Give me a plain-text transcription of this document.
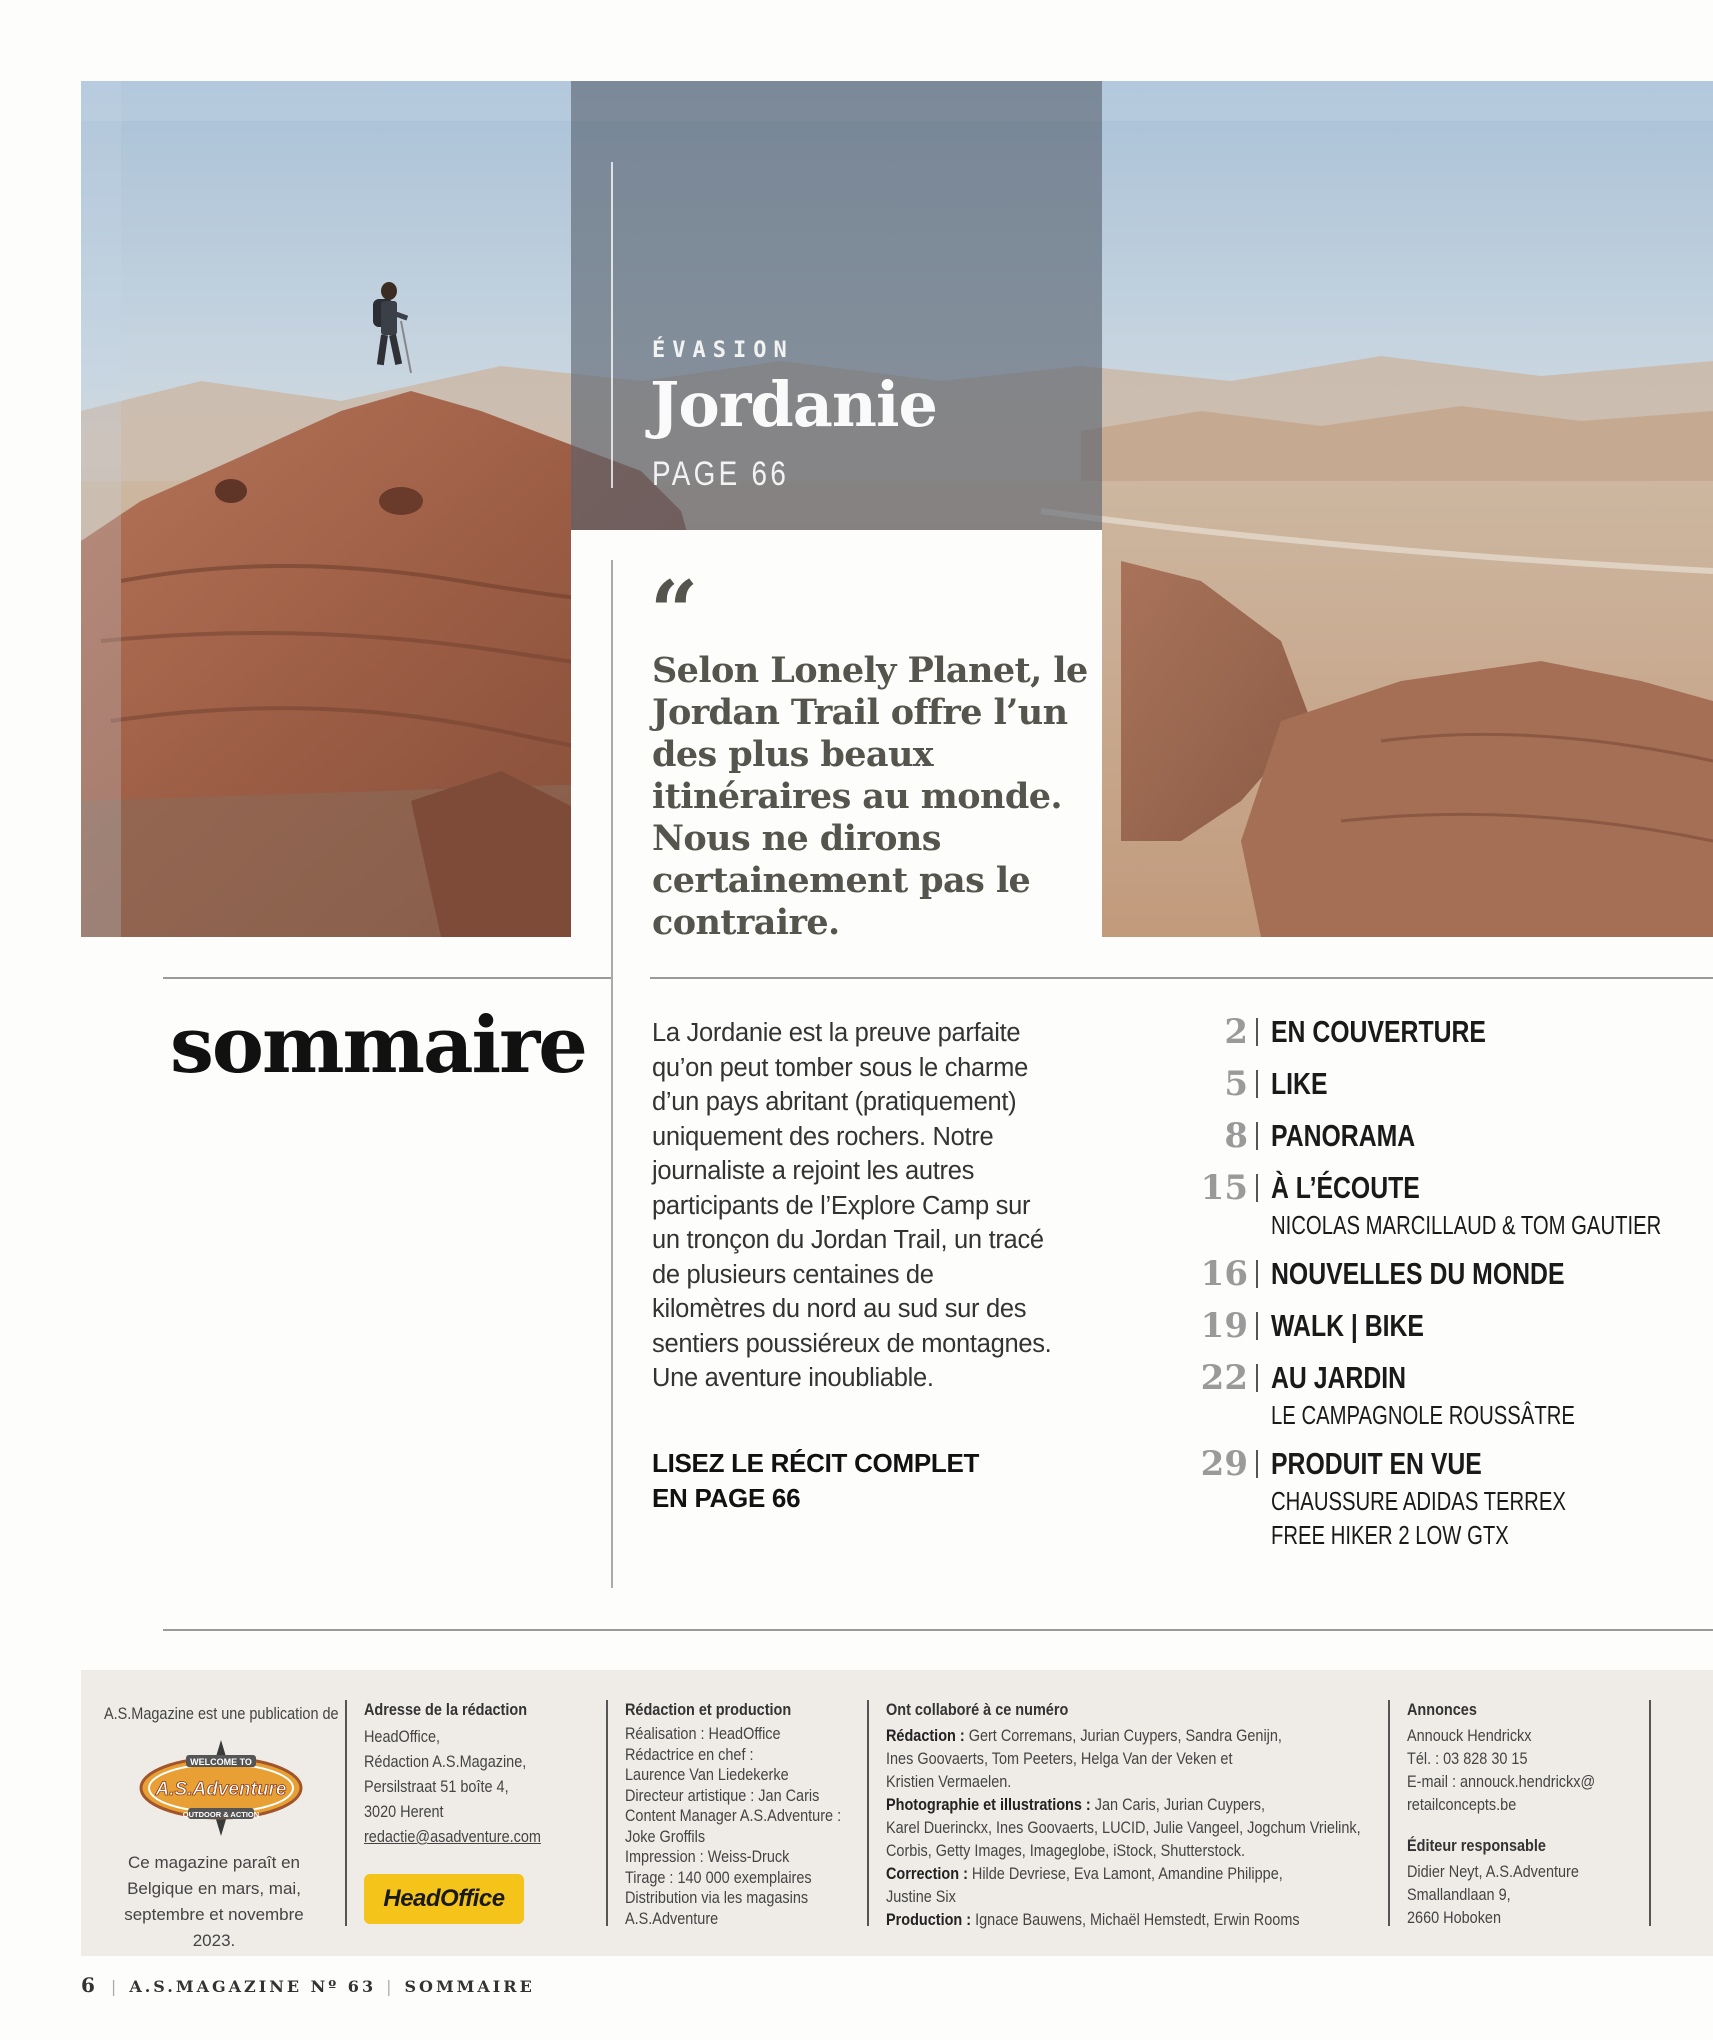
ÉVASION
Jordanie
PAGE 66
“
Selon Lonely Planet, le Jordan Trail offre l’un des plus beaux itinéraires au monde. Nous ne dirons certainement pas le contraire.
sommaire	La Jordanie est la preuve parfaite qu’on peut tomber sous le charme d’un pays abritant (pratiquement) uniquement des rochers. Notre journaliste a rejoint les autres participants de l’Explore Camp sur un tronçon du Jordan Trail, un tracé de plusieurs centaines de kilomètres du nord au sud sur des sentiers poussiéreux de montagnes. Une aventure inoubliable.
LISEZ LE RÉCIT COMPLET
EN PAGE 66
2 EN COUVERTURE
5 LIKE
8 PANORAMA
15 À L’ÉCOUTE
NICOLAS MARCILLAUD & TOM GAUTIER
16 NOUVELLES DU MONDE
19 WALK | BIKE
22 AU JARDIN
LE CAMPAGNOLE ROUSSÂTRE
29 PRODUIT EN VUE
CHAUSSURE ADIDAS TERREX
FREE HIKER 2 LOW GTX
A.S.Magazine est une publication de
WELCOME TO
A.S.Adventure
OUTDOOR & ACTION
Ce magazine paraît en Belgique en mars, mai, septembre et novembre 2023.
Adresse de la rédaction
HeadOffice,
Rédaction A.S.Magazine,
Persilstraat 51 boîte 4,
3020 Herent
redactie@asadventure.com
HeadOffice
Rédaction et production
Réalisation : HeadOffice
Rédactrice en chef :
Laurence Van Liedekerke
Directeur artistique : Jan Caris
Content Manager A.S.Adventure :
Joke Groffils
Impression : Weiss-Druck
Tirage : 140 000 exemplaires
Distribution via les magasins
A.S.Adventure
Ont collaboré à ce numéro
Rédaction : Gert Corremans, Jurian Cuypers, Sandra Genijn,
Ines Goovaerts, Tom Peeters, Helga Van der Veken et
Kristien Vermaelen.
Photographie et illustrations : Jan Caris, Jurian Cuypers,
Karel Duerinckx, Ines Goovaerts, LUCID, Julie Vangeel, Jogchum Vrielink,
Corbis, Getty Images, Imageglobe, iStock, Shutterstock.
Correction : Hilde Devriese, Eva Lamont, Amandine Philippe,
Justine Six
Production : Ignace Bauwens, Michaël Hemstedt, Erwin Rooms
Annonces
Annouck Hendrickx
Tél. : 03 828 30 15
E-mail : annouck.hendrickx@
retailconcepts.be
Éditeur responsable
Didier Neyt, A.S.Adventure
Smallandlaan 9,
2660 Hoboken
6 | A.S.MAGAZINE Nº 63 | SOMMAIRE
